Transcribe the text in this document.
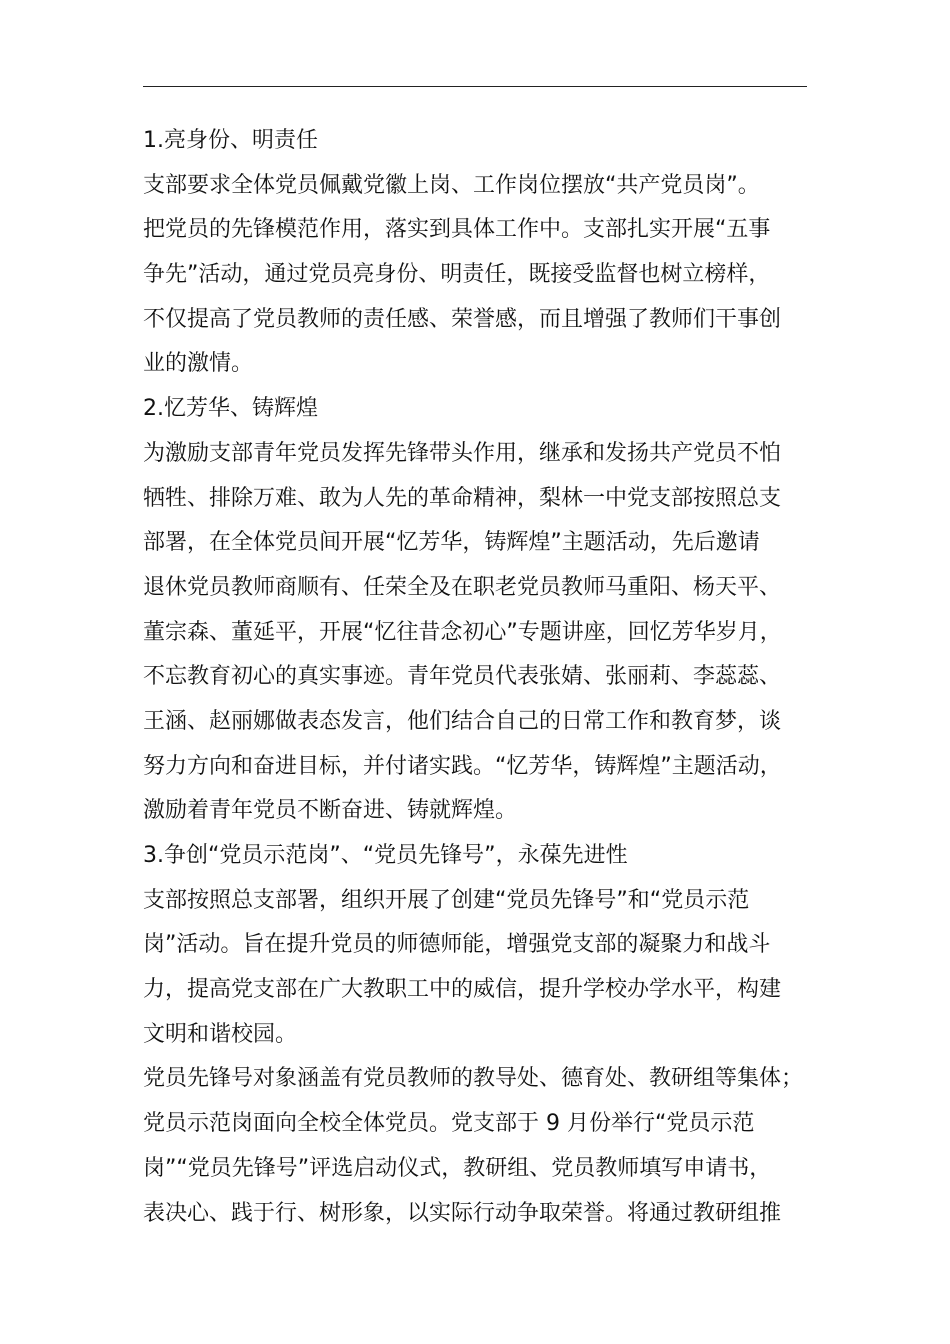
1.亮身份、明责任
支部要求全体党员佩戴党徽上岗、工作岗位摆放“共产党员岗”。
把党员的先锋模范作用，落实到具体工作中。支部扎实开展“五事
争先”活动，通过党员亮身份、明责任，既接受监督也树立榜样，
不仅提高了党员教师的责任感、荣誉感，而且增强了教师们干事创
业的激情。
2.忆芳华、铸辉煌
为激励支部青年党员发挥先锋带头作用，继承和发扬共产党员不怕
牺牲、排除万难、敢为人先的革命精神，梨林一中党支部按照总支
部署，在全体党员间开展“忆芳华，铸辉煌”主题活动，先后邀请
退休党员教师商顺有、任荣全及在职老党员教师马重阳、杨天平、
董宗森、董延平，开展“忆往昔念初心”专题讲座，回忆芳华岁月，
不忘教育初心的真实事迹。青年党员代表张婧、张丽莉、李蕊蕊、
王涵、赵丽娜做表态发言，他们结合自己的日常工作和教育梦，谈
努力方向和奋进目标，并付诸实践。“忆芳华，铸辉煌”主题活动，
激励着青年党员不断奋进、铸就辉煌。
3.争创“党员示范岗”、“党员先锋号”，永葆先进性
支部按照总支部署，组织开展了创建“党员先锋号”和“党员示范
岗”活动。旨在提升党员的师德师能，增强党支部的凝聚力和战斗
力，提高党支部在广大教职工中的威信，提升学校办学水平，构建
文明和谐校园。
党员先锋号对象涵盖有党员教师的教导处、德育处、教研组等集体；
党员示范岗面向全校全体党员。党支部于 9 月份举行“党员示范
岗”“党员先锋号”评选启动仪式，教研组、党员教师填写申请书，
表决心、践于行、树形象，以实际行动争取荣誉。将通过教研组推
